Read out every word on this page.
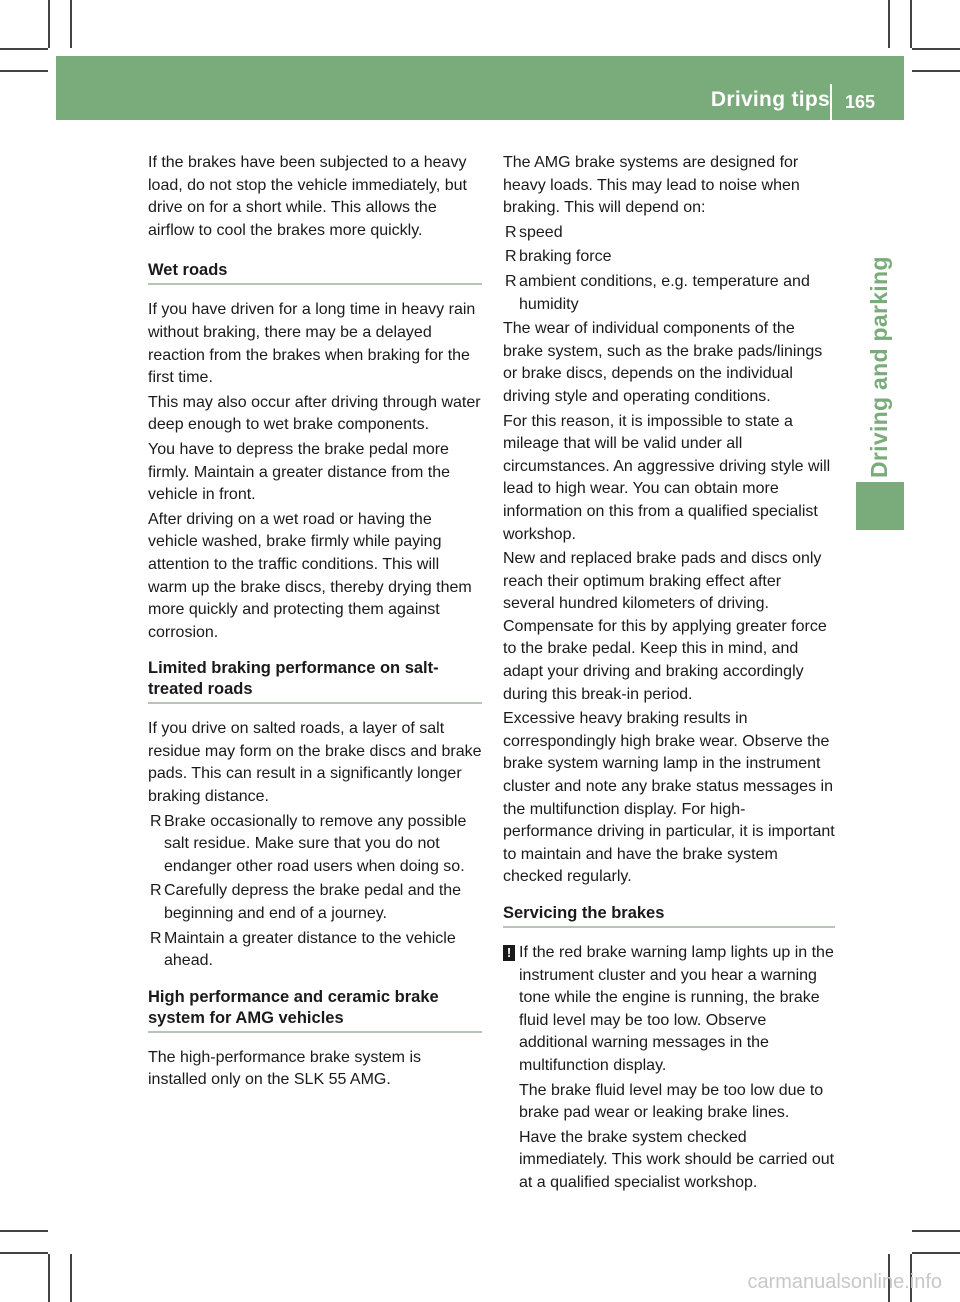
Driving tips 165
Driving and parking

If the brakes have been subjected to a heavy load, do not stop the vehicle immediately, but drive on for a short while. This allows the airflow to cool the brakes more quickly.

Wet roads

If you have driven for a long time in heavy rain without braking, there may be a delayed reaction from the brakes when braking for the first time.

This may also occur after driving through water deep enough to wet brake components.

You have to depress the brake pedal more firmly. Maintain a greater distance from the vehicle in front.

After driving on a wet road or having the vehicle washed, brake firmly while paying attention to the traffic conditions. This will warm up the brake discs, thereby drying them more quickly and protecting them against corrosion.

Limited braking performance on salt-treated roads

If you drive on salted roads, a layer of salt residue may form on the brake discs and brake pads. This can result in a significantly longer braking distance.

R Brake occasionally to remove any possible salt residue. Make sure that you do not endanger other road users when doing so.
R Carefully depress the brake pedal and the beginning and end of a journey.
R Maintain a greater distance to the vehicle ahead.
High performance and ceramic brake system for AMG vehicles

The high-performance brake system is installed only on the SLK 55 AMG.

The AMG brake systems are designed for heavy loads. This may lead to noise when braking. This will depend on:

R speed
R braking force
R ambient conditions, e.g. temperature and humidity

The wear of individual components of the brake system, such as the brake pads/linings or brake discs, depends on the individual driving style and operating conditions.

For this reason, it is impossible to state a mileage that will be valid under all circumstances. An aggressive driving style will lead to high wear. You can obtain more information on this from a qualified specialist workshop.

New and replaced brake pads and discs only reach their optimum braking effect after several hundred kilometers of driving. Compensate for this by applying greater force to the brake pedal. Keep this in mind, and adapt your driving and braking accordingly during this break-in period.

Excessive heavy braking results in correspondingly high brake wear. Observe the brake system warning lamp in the instrument cluster and note any brake status messages in the multifunction display. For high-performance driving in particular, it is important to maintain and have the brake system checked regularly.

Servicing the brakes
! If the red brake warning lamp lights up in the instrument cluster and you hear a warning tone while the engine is running, the brake fluid level may be too low. Observe additional warning messages in the multifunction display.

The brake fluid level may be too low due to brake pad wear or leaking brake lines.

Have the brake system checked immediately. This work should be carried out at a qualified specialist workshop.

carmanualsonline.info
